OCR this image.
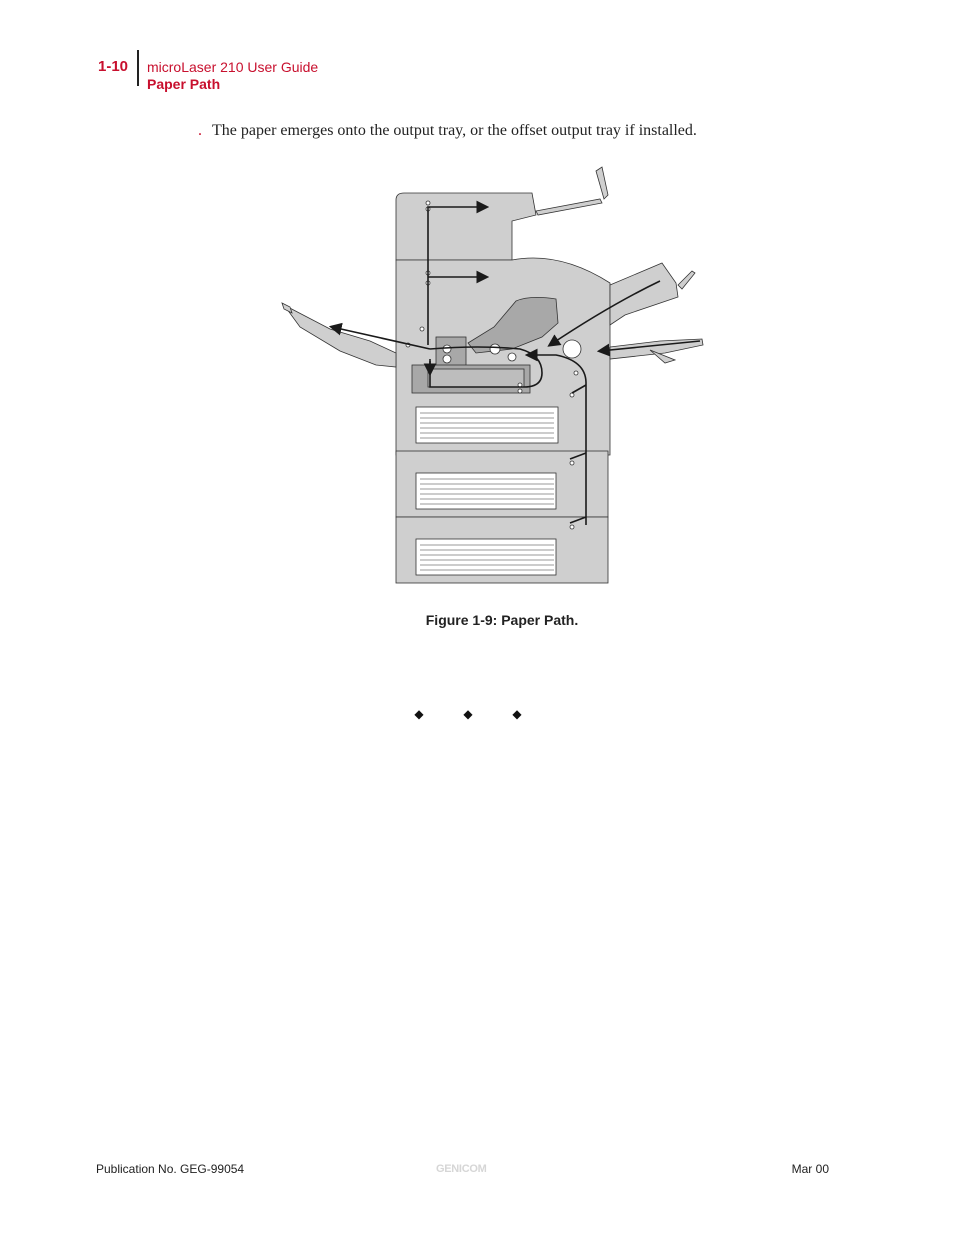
1-10 microLaser 210 User Guide
Paper Path
. The paper emerges onto the output tray, or the offset output tray if installed.
Figure 1-9: Paper Path.
◆ ◆ ◆
Publication No. GEG-99054	GENICOM	Mar 00
